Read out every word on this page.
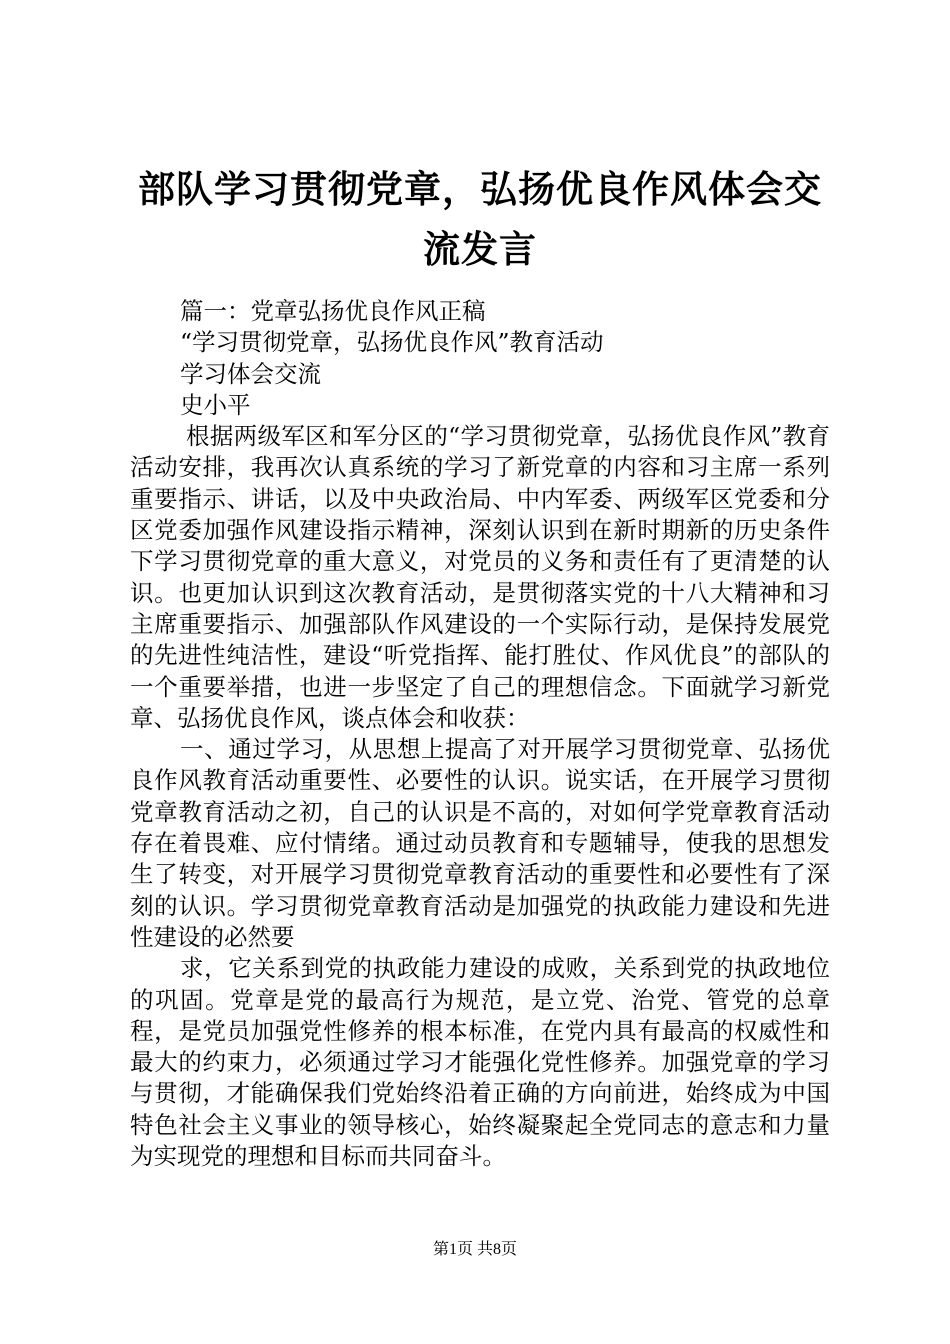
部队学习贯彻党章，弘扬优良作风体会交流发言

篇一：党章弘扬优良作风正稿

“学习贯彻党章，弘扬优良作风”教育活动

学习体会交流

史小平

根据两级军区和军分区的“学习贯彻党章，弘扬优良作风”教育活动安排，我再次认真系统的学习了新党章的内容和习主席一系列重要指示、讲话，以及中央政治局、中内军委、两级军区党委和分区党委加强作风建设指示精神，深刻认识到在新时期新的历史条件下学习贯彻党章的重大意义，对党员的义务和责任有了更清楚的认识。也更加认识到这次教育活动，是贯彻落实党的十八大精神和习主席重要指示、加强部队作风建设的一个实际行动，是保持发展党的先进性纯洁性，建设“听党指挥、能打胜仗、作风优良”的部队的一个重要举措，也进一步坚定了自己的理想信念。下面就学习新党章、弘扬优良作风，谈点体会和收获：

一、通过学习，从思想上提高了对开展学习贯彻党章、弘扬优良作风教育活动重要性、必要性的认识。说实话，在开展学习贯彻党章教育活动之初，自己的认识是不高的，对如何学党章教育活动存在着畏难、应付情绪。通过动员教育和专题辅导，使我的思想发生了转变，对开展学习贯彻党章教育活动的重要性和必要性有了深刻的认识。学习贯彻党章教育活动是加强党的执政能力建设和先进性建设的必然要

求，它关系到党的执政能力建设的成败，关系到党的执政地位的巩固。党章是党的最高行为规范，是立党、治党、管党的总章程，是党员加强党性修养的根本标准，在党内具有最高的权威性和最大的约束力，必须通过学习才能强化党性修养。加强党章的学习与贯彻，才能确保我们党始终沿着正确的方向前进，始终成为中国特色社会主义事业的领导核心，始终凝聚起全党同志的意志和力量为实现党的理想和目标而共同奋斗。

第1页 共8页
